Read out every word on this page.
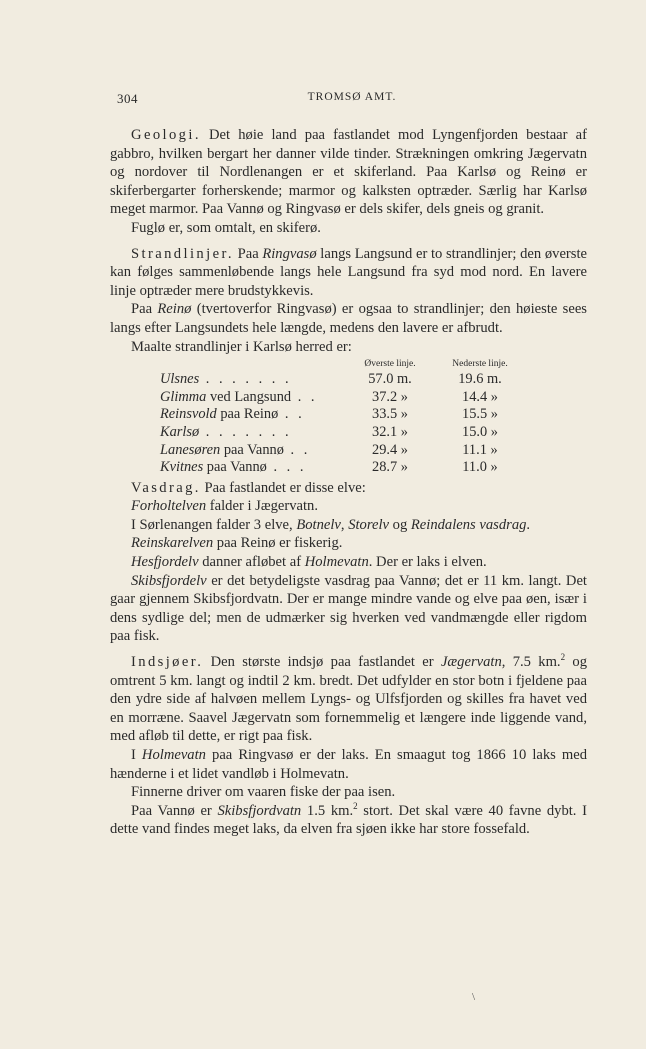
304	TROMSØ AMT.

Geologi. Det høie land paa fastlandet mod Lyngenfjorden bestaar af gabbro, hvilken bergart her danner vilde tinder. Strækningen omkring Jægervatn og nordover til Nordlenangen er et skiferland. Paa Karlsø og Reinø er skiferbergarter forherskende; marmor og kalksten optræder. Særlig har Karlsø meget marmor. Paa Vannø og Ringvasø er dels skifer, dels gneis og granit.

Fuglø er, som omtalt, en skiferø.

Strandlinjer. Paa Ringvasø langs Langsund er to strandlinjer; den øverste kan følges sammenløbende langs hele Langsund fra syd mod nord. En lavere linje optræder mere brudstykkevis.

Paa Reinø (tvertoverfor Ringvasø) er ogsaa to strandlinjer; den høieste sees langs efter Langsundets hele længde, medens den lavere er afbrudt.

Maalte strandlinjer i Karlsø herred er:

	Øverste linje.	Nederste linje.
Ulsnes . . . . . . .	57.0 m.	19.6 m.
Glimma ved Langsund . .	37.2 »	14.4 »
Reinsvold paa Reinø . .	33.5 »	15.5 »
Karlsø . . . . . . .	32.1 »	15.0 »
Lanesøren paa Vannø . .	29.4 »	11.1 »
Kvitnes paa Vannø . . .	28.7 »	11.0 »

Vasdrag. Paa fastlandet er disse elve:

Forholtelven falder i Jægervatn.

I Sørlenangen falder 3 elve, Botnelv, Storelv og Reindalens vasdrag.

Reinskarelven paa Reinø er fiskerig.

Hesfjordelv danner afløbet af Holmevatn. Der er laks i elven.

Skibsfjordelv er det betydeligste vasdrag paa Vannø; det er 11 km. langt. Det gaar gjennem Skibsfjordvatn. Der er mange mindre vande og elve paa øen, især i dens sydlige del; men de udmærker sig hverken ved vandmængde eller rigdom paa fisk.

Indsjøer. Den største indsjø paa fastlandet er Jægervatn, 7.5 km.$^2$ og omtrent 5 km. langt og indtil 2 km. bredt. Det udfylder en stor botn i fjeldene paa den ydre side af halvøen mellem Lyngs- og Ulfsfjorden og skilles fra havet ved en morræne. Saavel Jægervatn som fornemmelig et længere inde liggende vand, med afløb til dette, er rigt paa fisk.

I Holmevatn paa Ringvasø er der laks. En smaagut tog 1866 10 laks med hænderne i et lidet vandløb i Holmevatn.

Finnerne driver om vaaren fiske der paa isen.

Paa Vannø er Skibsfjordvatn 1.5 km.$^2$ stort. Det skal være 40 favne dybt. I dette vand findes meget laks, da elven fra sjøen ikke har store fossefald.

\
